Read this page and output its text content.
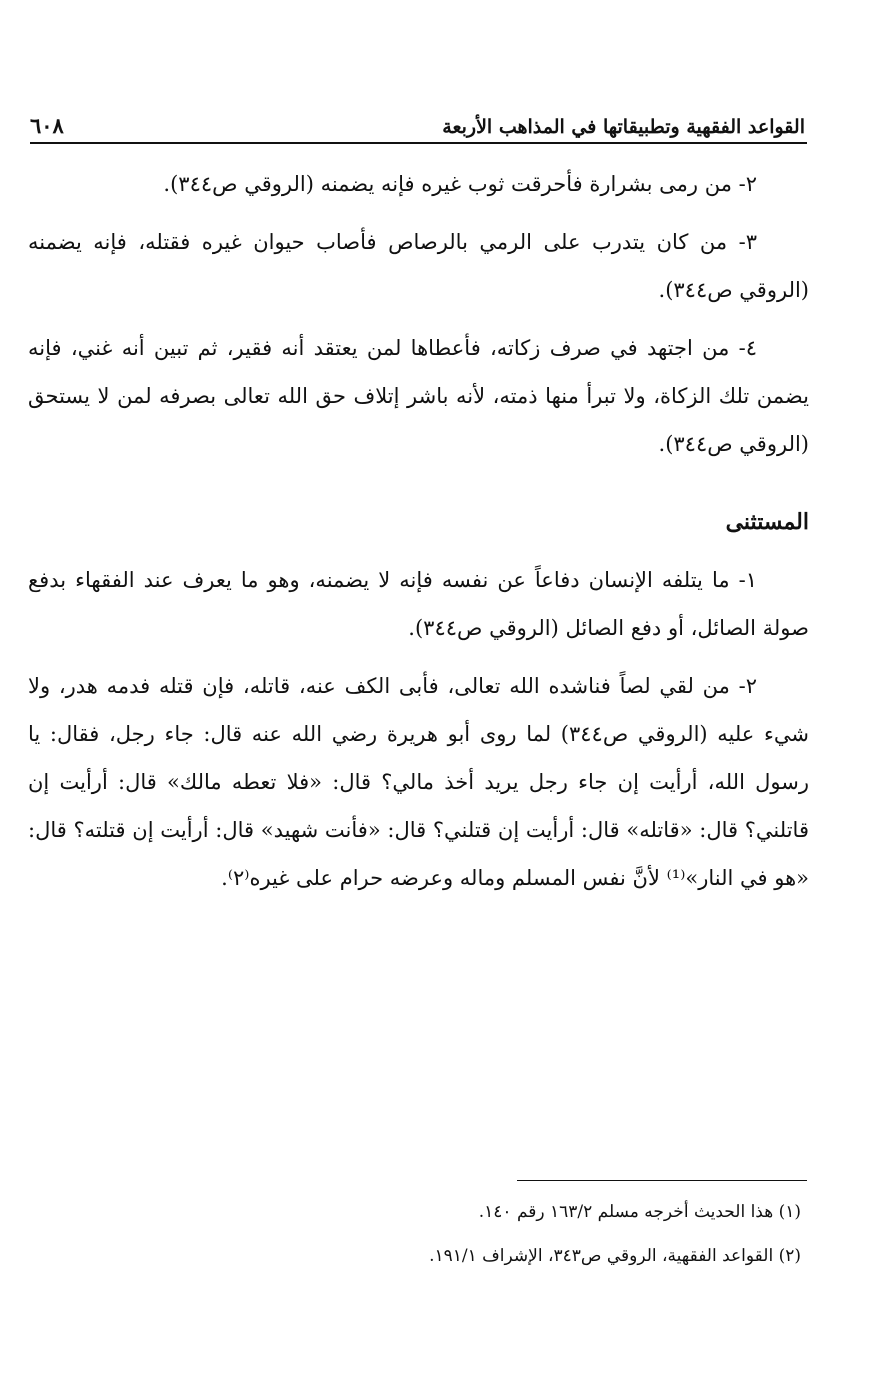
القواعد الفقهية وتطبيقاتها في المذاهب الأربعة
٦٠٨

٢- من رمى بشرارة فأحرقت ثوب غيره فإنه يضمنه (الروقي ص٣٤٤).

٣- من كان يتدرب على الرمي بالرصاص فأصاب حيوان غيره فقتله، فإنه يضمنه (الروقي ص٣٤٤).

٤- من اجتهد في صرف زكاته، فأعطاها لمن يعتقد أنه فقير، ثم تبين أنه غني، فإنه يضمن تلك الزكاة، ولا تبرأ منها ذمته، لأنه باشر إتلاف حق الله تعالى بصرفه لمن لا يستحق (الروقي ص٣٤٤).

المستثنى

١- ما يتلفه الإنسان دفاعاً عن نفسه فإنه لا يضمنه، وهو ما يعرف عند الفقهاء بدفع صولة الصائل، أو دفع الصائل (الروقي ص٣٤٤).

٢- من لقي لصاً فناشده الله تعالى، فأبى الكف عنه، قاتله، فإن قتله فدمه هدر، ولا شيء عليه (الروقي ص٣٤٤) لما روى أبو هريرة رضي الله عنه قال: جاء رجل، فقال: يا رسول الله، أرأيت إن جاء رجل يريد أخذ مالي؟ قال: «فلا تعطه مالك» قال: أرأيت إن قاتلني؟ قال: «قاتله» قال: أرأيت إن قتلني؟ قال: «فأنت شهيد» قال: أرأيت إن قتلته؟ قال: «هو في النار»⁽¹⁾ لأنَّ نفس المسلم وماله وعرضه حرام على غيره⁽٢⁾.

(١) هذا الحديث أخرجه مسلم ١٦٣/٢ رقم ١٤٠.

(٢) القواعد الفقهية، الروقي ص٣٤٣، الإشراف ١٩١/١.
